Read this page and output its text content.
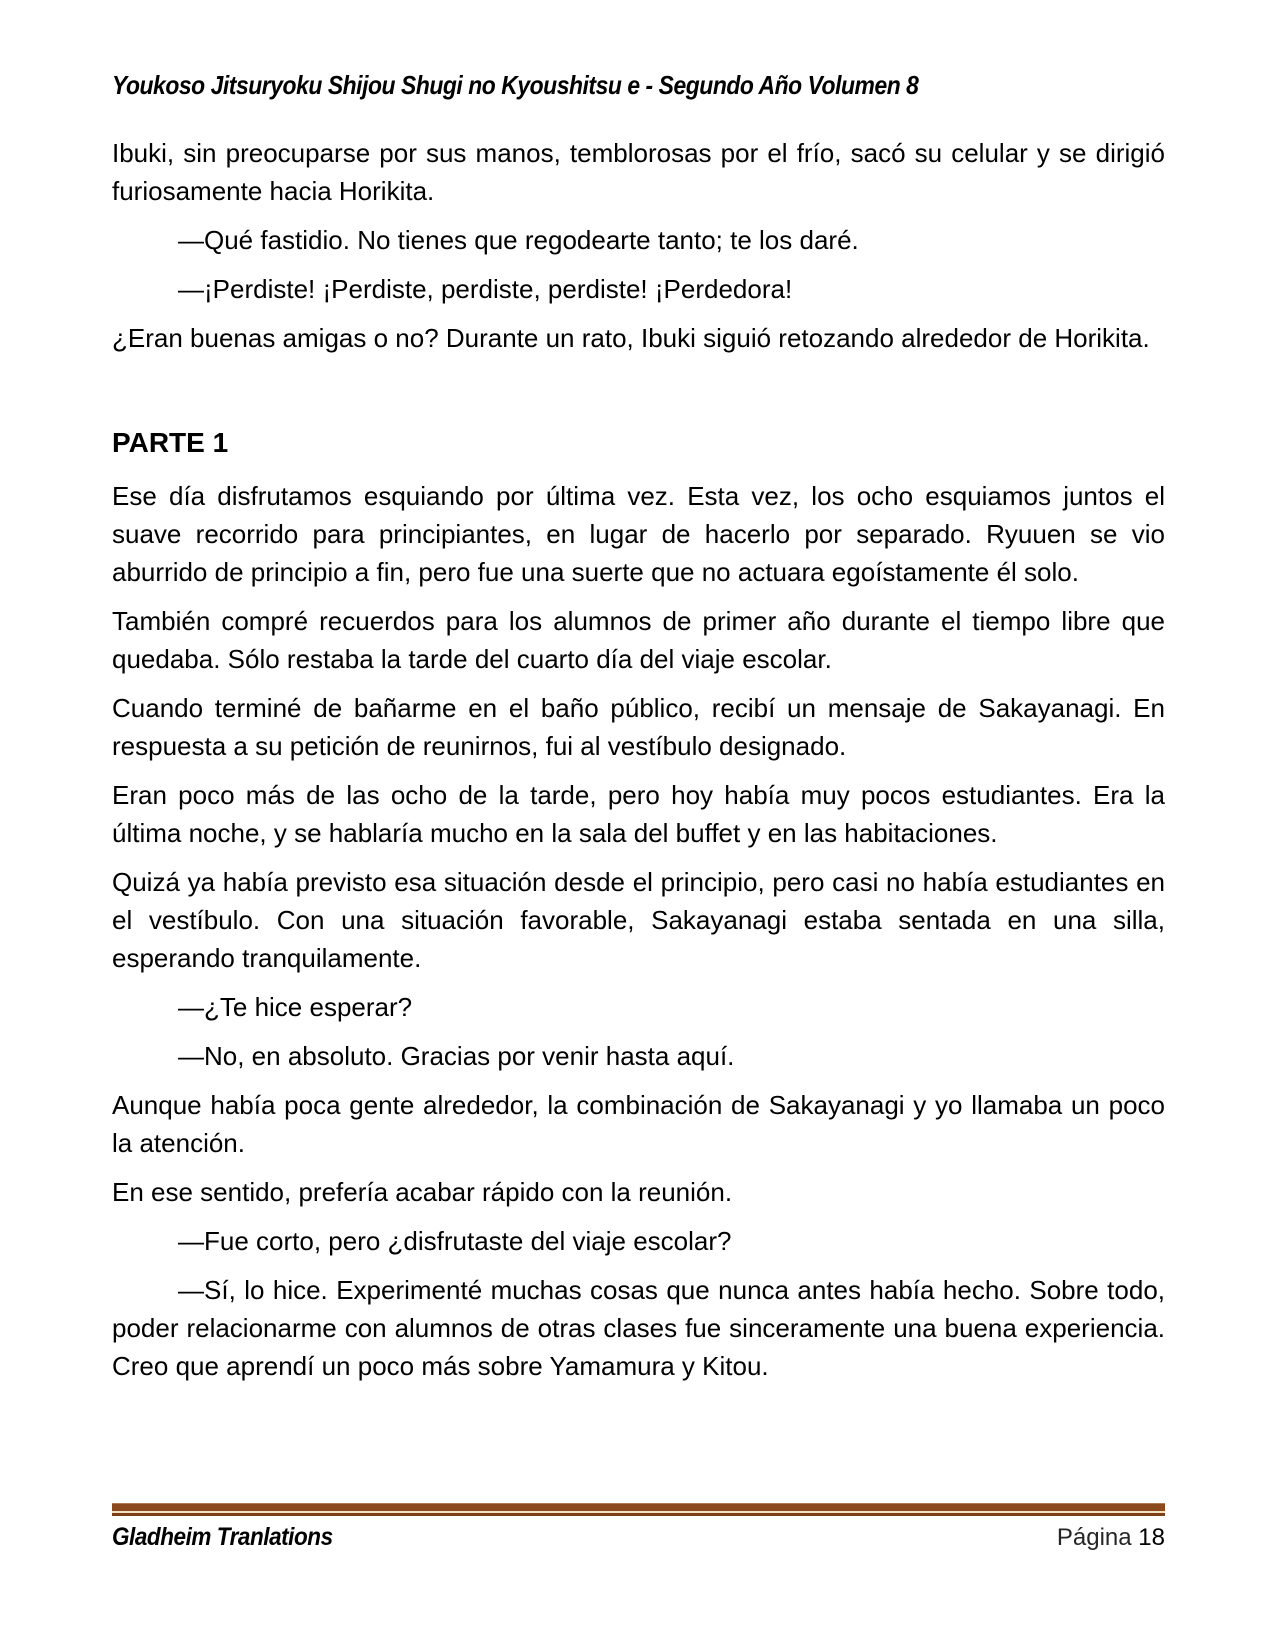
Youkoso Jitsuryoku Shijou Shugi no Kyoushitsu e - Segundo Año Volumen 8

Ibuki, sin preocuparse por sus manos, temblorosas por el frío, sacó su celular y se dirigió furiosamente hacia Horikita.

—Qué fastidio. No tienes que regodearte tanto; te los daré.

—¡Perdiste! ¡Perdiste, perdiste, perdiste! ¡Perdedora!

¿Eran buenas amigas o no? Durante un rato, Ibuki siguió retozando alrededor de Horikita.

PARTE 1

Ese día disfrutamos esquiando por última vez. Esta vez, los ocho esquiamos juntos el suave recorrido para principiantes, en lugar de hacerlo por separado. Ryuuen se vio aburrido de principio a fin, pero fue una suerte que no actuara egoístamente él solo.

También compré recuerdos para los alumnos de primer año durante el tiempo libre que quedaba. Sólo restaba la tarde del cuarto día del viaje escolar.

Cuando terminé de bañarme en el baño público, recibí un mensaje de Sakayanagi. En respuesta a su petición de reunirnos, fui al vestíbulo designado.

Eran poco más de las ocho de la tarde, pero hoy había muy pocos estudiantes. Era la última noche, y se hablaría mucho en la sala del buffet y en las habitaciones.

Quizá ya había previsto esa situación desde el principio, pero casi no había estudiantes en el vestíbulo. Con una situación favorable, Sakayanagi estaba sentada en una silla, esperando tranquilamente.

—¿Te hice esperar?

—No, en absoluto. Gracias por venir hasta aquí.

Aunque había poca gente alrededor, la combinación de Sakayanagi y yo llamaba un poco la atención.

En ese sentido, prefería acabar rápido con la reunión.

—Fue corto, pero ¿disfrutaste del viaje escolar?

—Sí, lo hice. Experimenté muchas cosas que nunca antes había hecho. Sobre todo, poder relacionarme con alumnos de otras clases fue sinceramente una buena experiencia. Creo que aprendí un poco más sobre Yamamura y Kitou.

Gladheim Tranlations	Página 18
